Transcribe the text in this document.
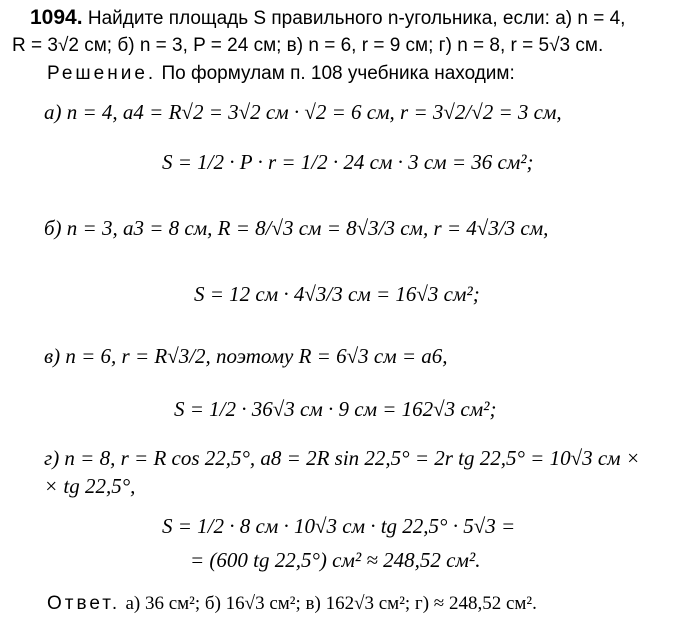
1094. Найдите площадь S правильного n-угольника, если: а) n = 4,
R = 3√2 см; б) n = 3, P = 24 см; в) n = 6, r = 9 см; г) n = 8, r = 5√3 см.
Решение. По формулам п. 108 учебника находим:
а) n = 4, a4 = R√2 = 3√2 см · √2 = 6 см, r = 3√2/√2 = 3 см,
S = 1/2 · P · r = 1/2 · 24 см · 3 см = 36 см²;
б) n = 3, a3 = 8 см, R = 8/√3 см = 8√3/3 см, r = 4√3/3 см,
S = 12 см · 4√3/3 см = 16√3 см²;
в) n = 6, r = R√3/2, поэтому R = 6√3 см = a6,
S = 1/2 · 36√3 см · 9 см = 162√3 см²;
г) n = 8, r = R cos 22,5°, a8 = 2R sin 22,5° = 2r tg 22,5° = 10√3 см ×
× tg 22,5°,
S = 1/2 · 8 см · 10√3 см · tg 22,5° · 5√3 =
= (600 tg 22,5°) см² ≈ 248,52 см².
Ответ. а) 36 см²; б) 16√3 см²; в) 162√3 см²; г) ≈ 248,52 см².
